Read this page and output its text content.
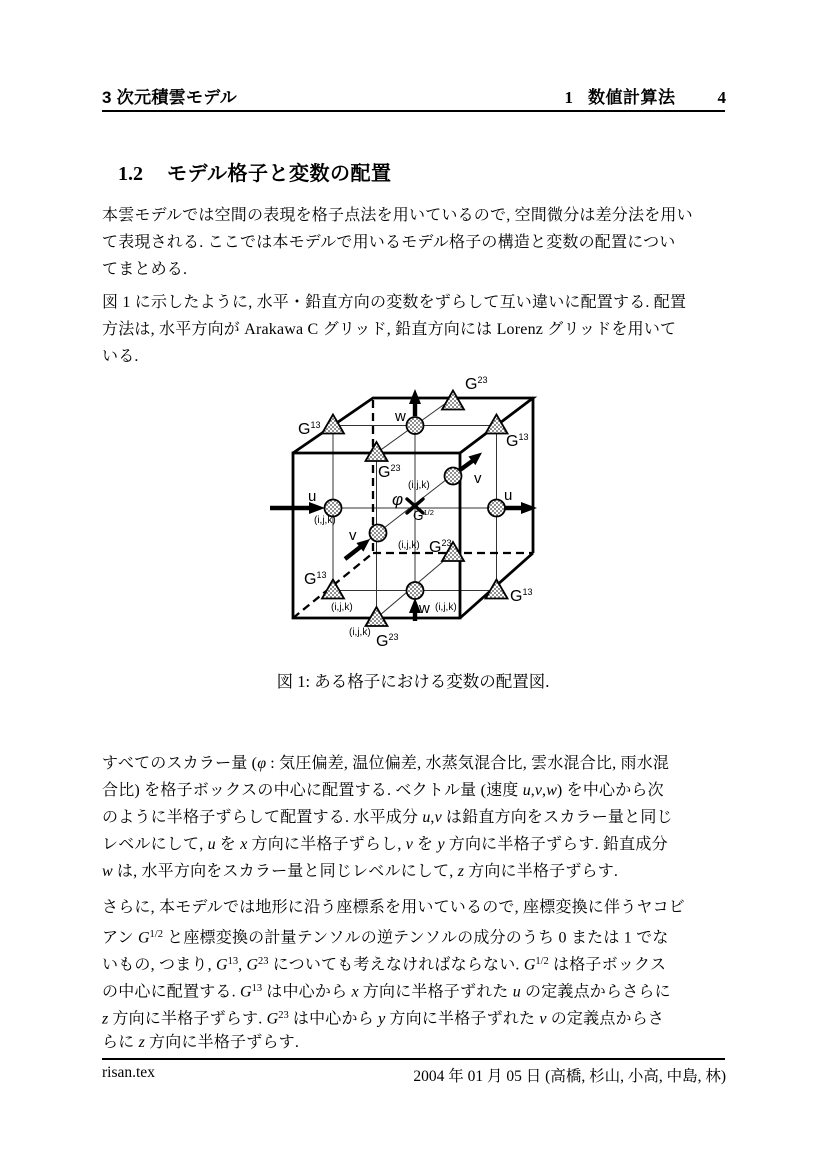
3 次元積雲モデル	1 数値計算法 4

1.2 モデル格子と変数の配置

本雲モデルでは空間の表現を格子点法を用いているので, 空間微分は差分法を用い
て表現される. ここでは本モデルで用いるモデル格子の構造と変数の配置につい
てまとめる.
図 1 に示したように, 水平・鉛直方向の変数をずらして互い違いに配置する. 配置
方法は, 水平方向が Arakawa C グリッド, 鉛直方向には Lorenz グリッドを用いて
いる.
$G^{13}$
$G^{13}$
$G^{13}$
$G^{13}$
$G^{23}$
$G^{23}$
$G^{23}$
$G^{23}$
u	u
w
w
v
v
φ
$G^{1/2}$
(i,j,k)
(i,j,k)
(i,j,k)
(i,j,k)	(i,j,k)
(i,j,k)
図 1: ある格子における変数の配置図.
すべてのスカラー量 (φ : 気圧偏差, 温位偏差, 水蒸気混合比, 雲水混合比, 雨水混
合比) を格子ボックスの中心に配置する. ベクトル量 (速度 u,v,w) を中心から次
のように半格子ずらして配置する. 水平成分 u,v は鉛直方向をスカラー量と同じ
レベルにして, u を x 方向に半格子ずらし, v を y 方向に半格子ずらす. 鉛直成分
w は, 水平方向をスカラー量と同じレベルにして, z 方向に半格子ずらす.
さらに, 本モデルでは地形に沿う座標系を用いているので, 座標変換に伴うヤコビ
アン $G^{1/2}$ と座標変換の計量テンソルの逆テンソルの成分のうち 0 または 1 でな
いもの, つまり, $G^{13}$, $G^{23}$ についても考えなければならない. $G^{1/2}$ は格子ボックス
の中心に配置する. $G^{13}$ は中心から x 方向に半格子ずれた u の定義点からさらに
z 方向に半格子ずらす. $G^{23}$ は中心から y 方向に半格子ずれた v の定義点からさ
らに z 方向に半格子ずらす.
risan.tex	2004 年 01 月 05 日 (高橋, 杉山, 小高, 中島, 林)
